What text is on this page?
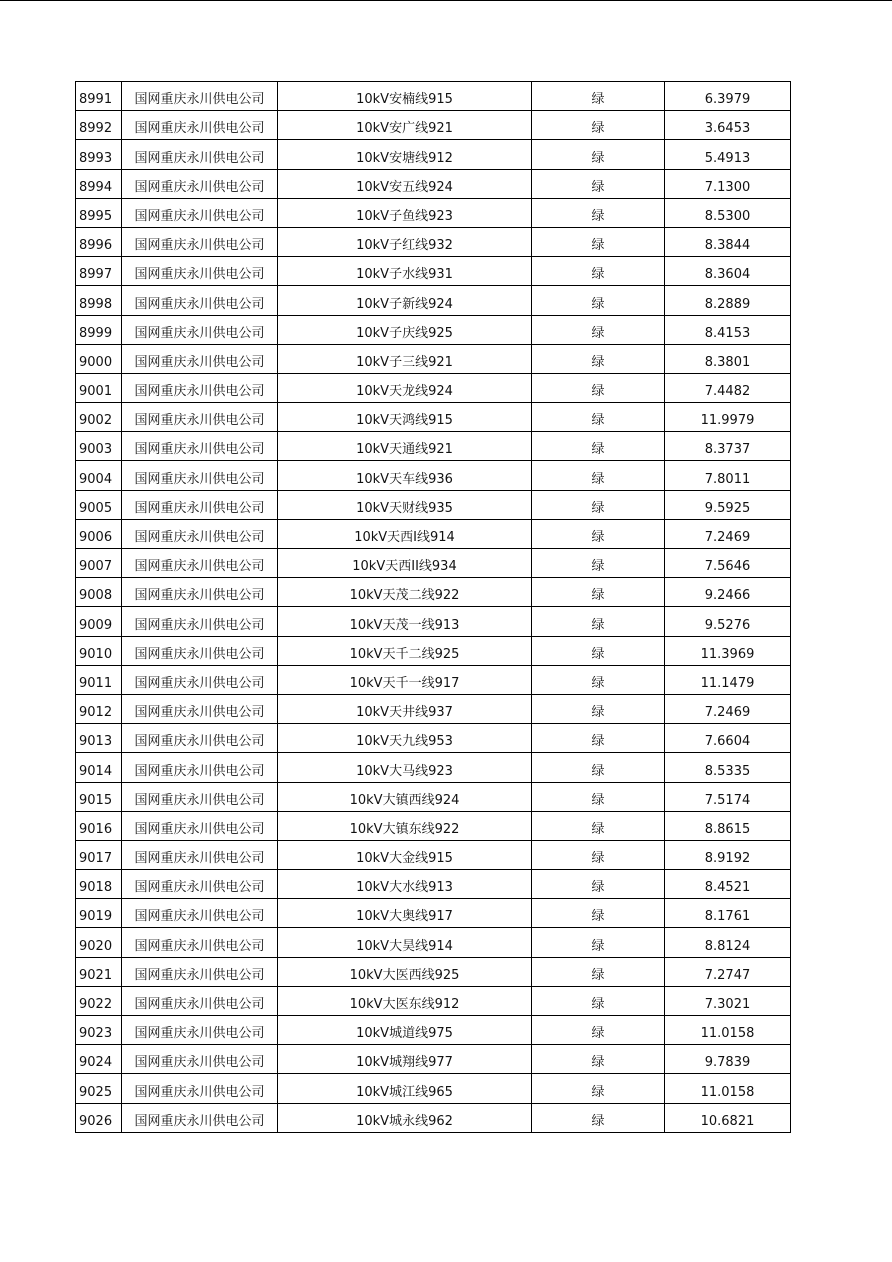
8991	国网重庆永川供电公司	10kV安楠线915	绿	6.3979
8992	国网重庆永川供电公司	10kV安广线921	绿	3.6453
8993	国网重庆永川供电公司	10kV安塘线912	绿	5.4913
8994	国网重庆永川供电公司	10kV安五线924	绿	7.1300
8995	国网重庆永川供电公司	10kV子鱼线923	绿	8.5300
8996	国网重庆永川供电公司	10kV子红线932	绿	8.3844
8997	国网重庆永川供电公司	10kV子水线931	绿	8.3604
8998	国网重庆永川供电公司	10kV子新线924	绿	8.2889
8999	国网重庆永川供电公司	10kV子庆线925	绿	8.4153
9000	国网重庆永川供电公司	10kV子三线921	绿	8.3801
9001	国网重庆永川供电公司	10kV天龙线924	绿	7.4482
9002	国网重庆永川供电公司	10kV天鸿线915	绿	11.9979
9003	国网重庆永川供电公司	10kV天通线921	绿	8.3737
9004	国网重庆永川供电公司	10kV天车线936	绿	7.8011
9005	国网重庆永川供电公司	10kV天财线935	绿	9.5925
9006	国网重庆永川供电公司	10kV天西I线914	绿	7.2469
9007	国网重庆永川供电公司	10kV天西II线934	绿	7.5646
9008	国网重庆永川供电公司	10kV天茂二线922	绿	9.2466
9009	国网重庆永川供电公司	10kV天茂一线913	绿	9.5276
9010	国网重庆永川供电公司	10kV天千二线925	绿	11.3969
9011	国网重庆永川供电公司	10kV天千一线917	绿	11.1479
9012	国网重庆永川供电公司	10kV天井线937	绿	7.2469
9013	国网重庆永川供电公司	10kV天九线953	绿	7.6604
9014	国网重庆永川供电公司	10kV大马线923	绿	8.5335
9015	国网重庆永川供电公司	10kV大镇西线924	绿	7.5174
9016	国网重庆永川供电公司	10kV大镇东线922	绿	8.8615
9017	国网重庆永川供电公司	10kV大金线915	绿	8.9192
9018	国网重庆永川供电公司	10kV大水线913	绿	8.4521
9019	国网重庆永川供电公司	10kV大奥线917	绿	8.1761
9020	国网重庆永川供电公司	10kV大昊线914	绿	8.8124
9021	国网重庆永川供电公司	10kV大医西线925	绿	7.2747
9022	国网重庆永川供电公司	10kV大医东线912	绿	7.3021
9023	国网重庆永川供电公司	10kV城道线975	绿	11.0158
9024	国网重庆永川供电公司	10kV城翔线977	绿	9.7839
9025	国网重庆永川供电公司	10kV城江线965	绿	11.0158
9026	国网重庆永川供电公司	10kV城永线962	绿	10.6821
